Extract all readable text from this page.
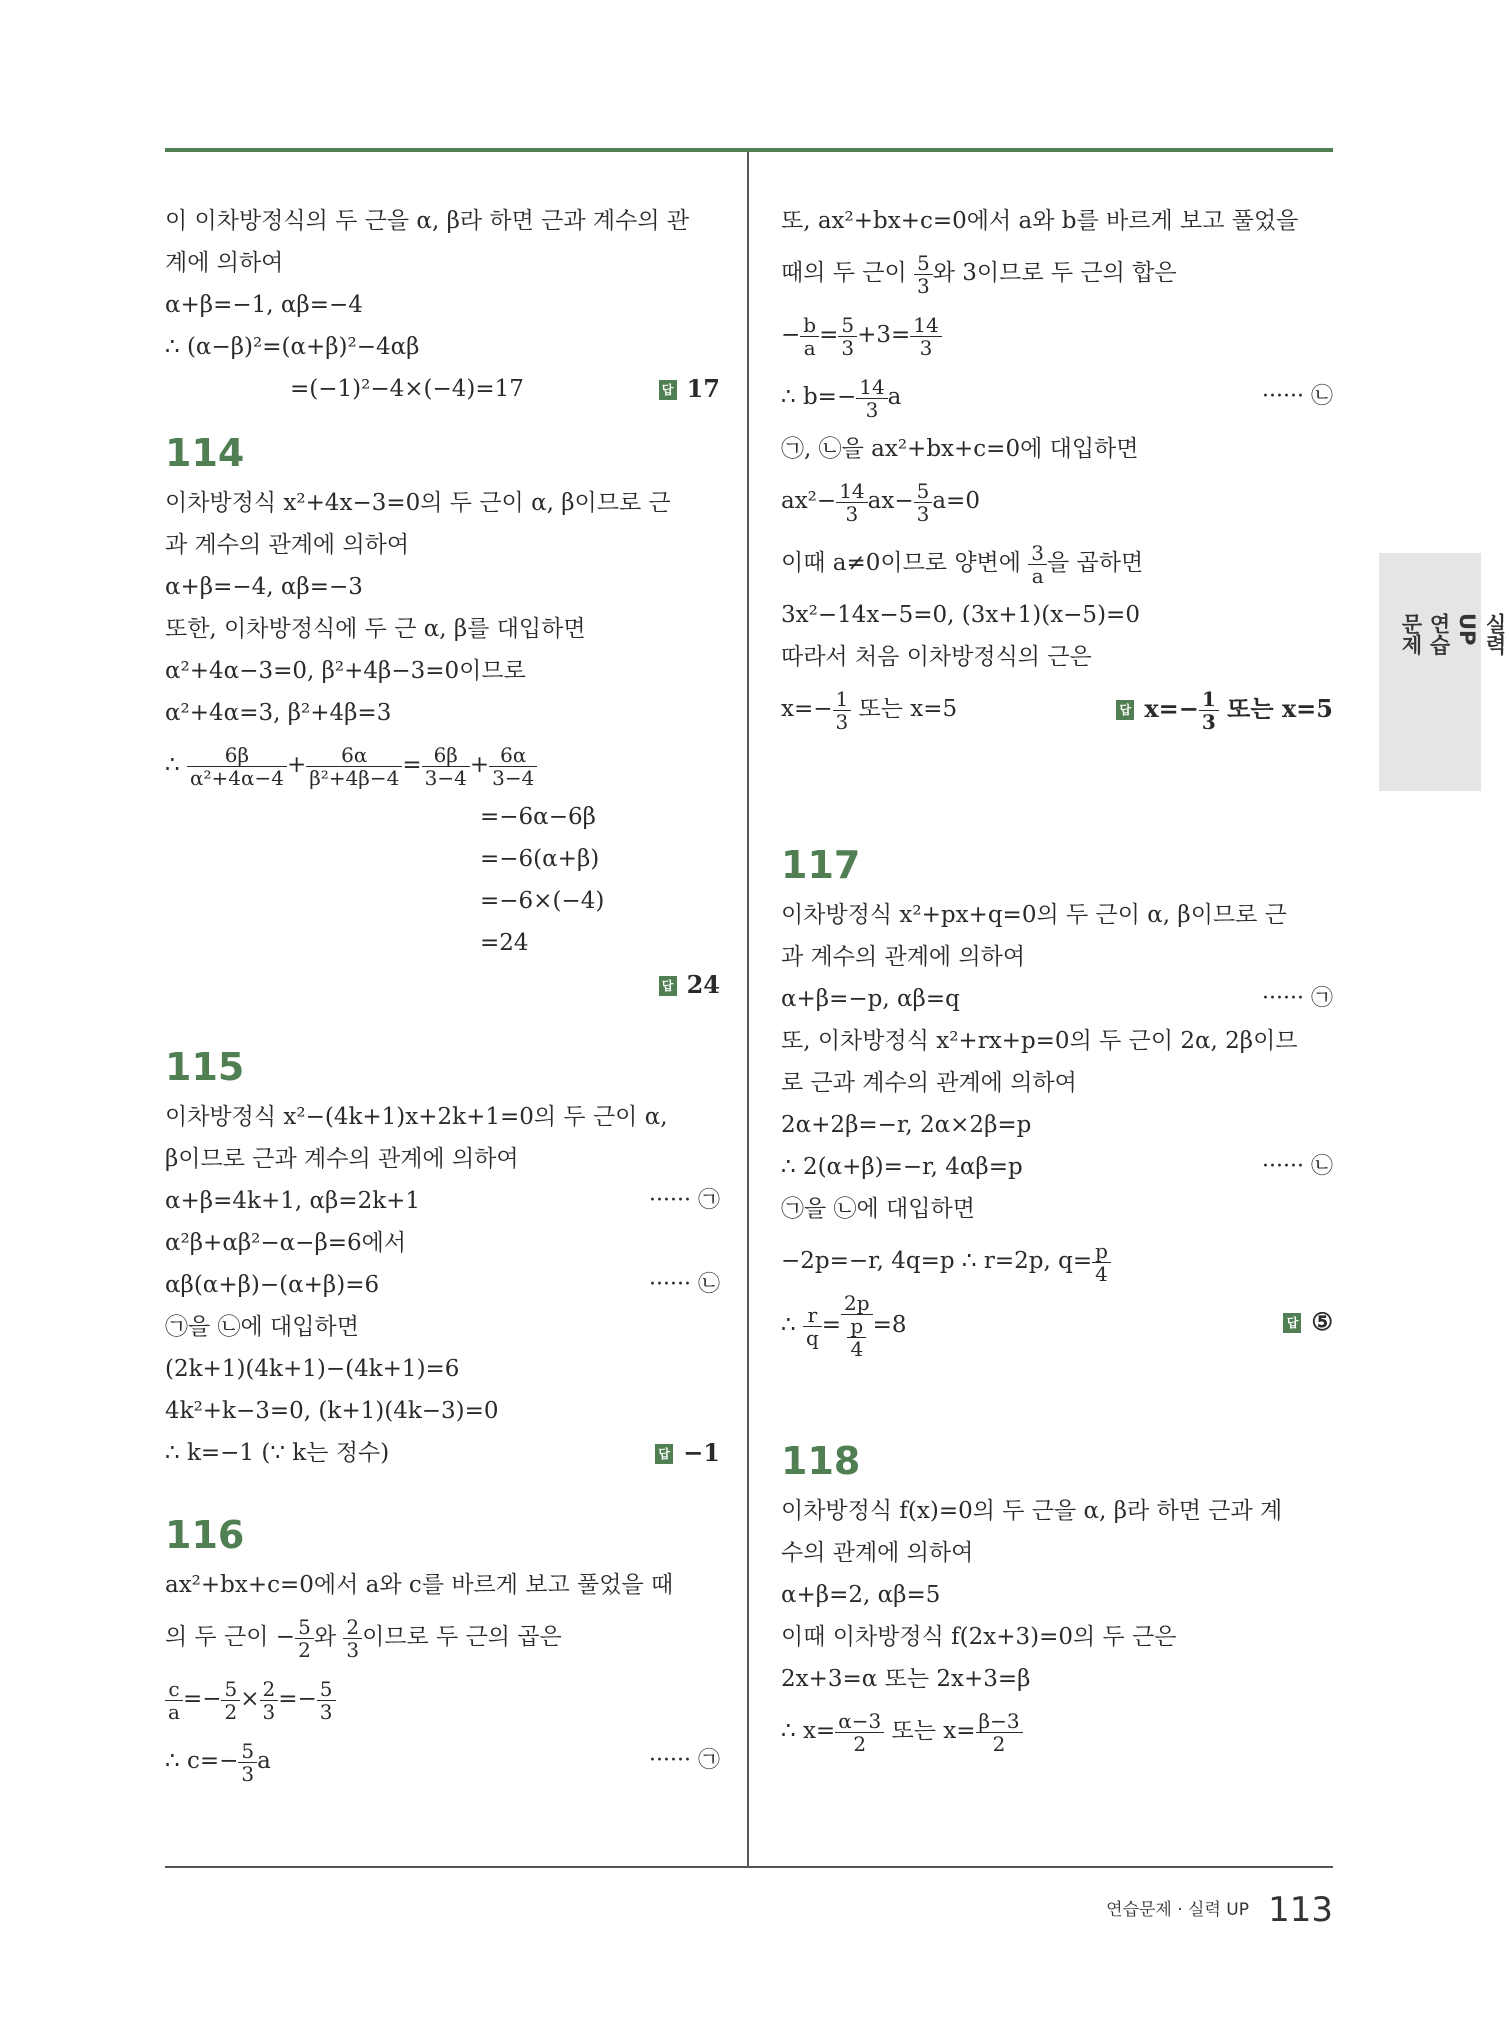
실력
UP
연습
문제
이 이차방정식의 두 근을 α, β라 하면 근과 계수의 관
계에 의하여
α+β=−1, αβ=−4
∴ (α−β)²=(α+β)²−4αβ
=(−1)²−4×(−4)=17	답 17
114
이차방정식 x²+4x−3=0의 두 근이 α, β이므로 근
과 계수의 관계에 의하여
α+β=−4, αβ=−3
또한, 이차방정식에 두 근 α, β를 대입하면
α²+4α−3=0, β²+4β−3=0이므로
α²+4α=3, β²+4β=3
∴ $\frac{6\beta}{\text{α²+4α−4}} + \frac{6\alpha}{\text{β²+4β−4}} = \frac{6\beta}{3-4} + \frac{6\alpha}{3-4}$
=−6α−6β
=−6(α+β)
=−6×(−4)
=24
답 24
115
이차방정식 x²−(4k+1)x+2k+1=0의 두 근이 α,
β이므로 근과 계수의 관계에 의하여
α+β=4k+1, αβ=2k+1	······ ㉠
α²β+αβ²−α−β=6에서
αβ(α+β)−(α+β)=6	······ ㉡
㉠을 ㉡에 대입하면
(2k+1)(4k+1)−(4k+1)=6
4k²+k−3=0, (k+1)(4k−3)=0
∴ k=−1 (∵ k는 정수)	답 −1
116
ax²+bx+c=0에서 a와 c를 바르게 보고 풀었을 때
의 두 근이 − $\frac{5}{2}$ 와 $\frac{2}{3}$ 이므로 두 근의 곱은
$\frac{c}{a} =- \frac{5}{2} \times \frac{2}{3} =- \frac{5}{3}$
∴ $c=- \frac{5}{3}$ a	······ ㉠
또, ax²+bx+c=0에서 a와 b를 바르게 보고 풀었을
때의 두 근이 $\frac{5}{3}$ 와 3이므로 두 근의 합은
− $\frac{b}{a} = \frac{5}{3} +3= \frac{14}{3}$
∴ $b=- \frac{14}{3}$ a	······ ㉡
㉠, ㉡을 ax²+bx+c=0에 대입하면
$ax^2- \frac{14}{3} ax- \frac{5}{3} a=0$
이때 a≠0이므로 양변에 $\frac{3}{a}$ 을 곱하면
3x²−14x−5=0, (3x+1)(x−5)=0
따라서 처음 이차방정식의 근은
$x=- \frac{1}{3}$ 또는 x=5	답 $x=- \frac{1}{3}$ 또는 x=5
117
이차방정식 x²+px+q=0의 두 근이 α, β이므로 근
과 계수의 관계에 의하여
α+β=−p, αβ=q	······ ㉠
또, 이차방정식 x²+rx+p=0의 두 근이 2α, 2β이므
로 근과 계수의 관계에 의하여
2α+2β=−r, 2α×2β=p
∴ 2(α+β)=−r, 4αβ=p	······ ㉡
㉠을 ㉡에 대입하면
−2p=−r, 4q=p ∴ r=2p, $q= \frac{p}{4}$
∴ $\frac{r}{q} = \frac{2p}{\frac{p}{4}} =8$	답 ⑤
118
이차방정식 f(x)=0의 두 근을 α, β라 하면 근과 계
수의 관계에 의하여
α+β=2, αβ=5
이때 이차방정식 f(2x+3)=0의 두 근은
2x+3=α 또는 2x+3=β
∴ $x= \frac{\alpha-3}{2}$ 또는 $x= \frac{\beta-3}{2}$
연습문제 · 실력 UP 113
